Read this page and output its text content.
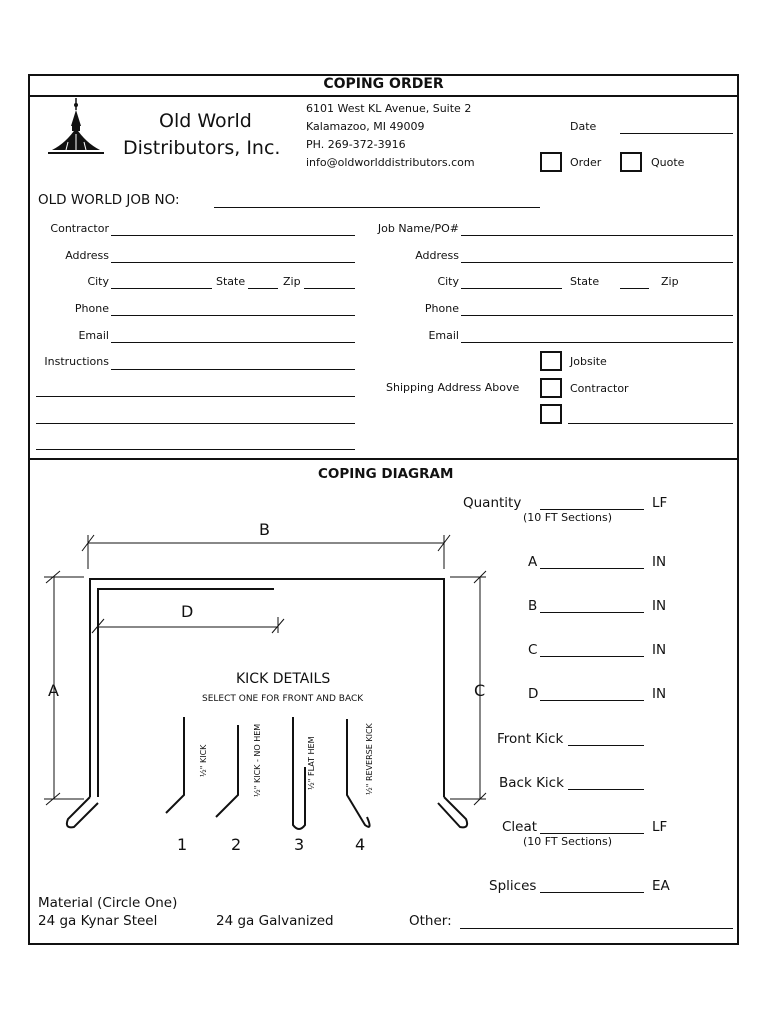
COPING ORDER
Old World
Distributors, Inc.
6101 West KL Avenue, Suite 2
Kalamazoo, MI 49009
PH. 269-372-3916
info@oldworlddistributors.com
Date
Order	Quote
OLD WORLD JOB NO:
Contractor
Address
City	State	Zip
Phone
Email
Instructions
Job Name/PO#
Address
City	State	Zip
Phone
Email
Jobsite
Shipping Address Above	Contractor
COPING DIAGRAM
A
B
C
D
KICK DETAILS
SELECT ONE FOR FRONT AND BACK
1	2	3	4
½" KICK	½" KICK - NO HEM	½" FLAT HEM	½" REVERSE KICK
Quantity	LF
(10 FT Sections)
A	IN
B	IN
C	IN
D	IN
Front Kick
Back Kick
Cleat	LF
(10 FT Sections)
Splices	EA
Material (Circle One)
24 ga Kynar Steel	24 ga Galvanized	Other:
